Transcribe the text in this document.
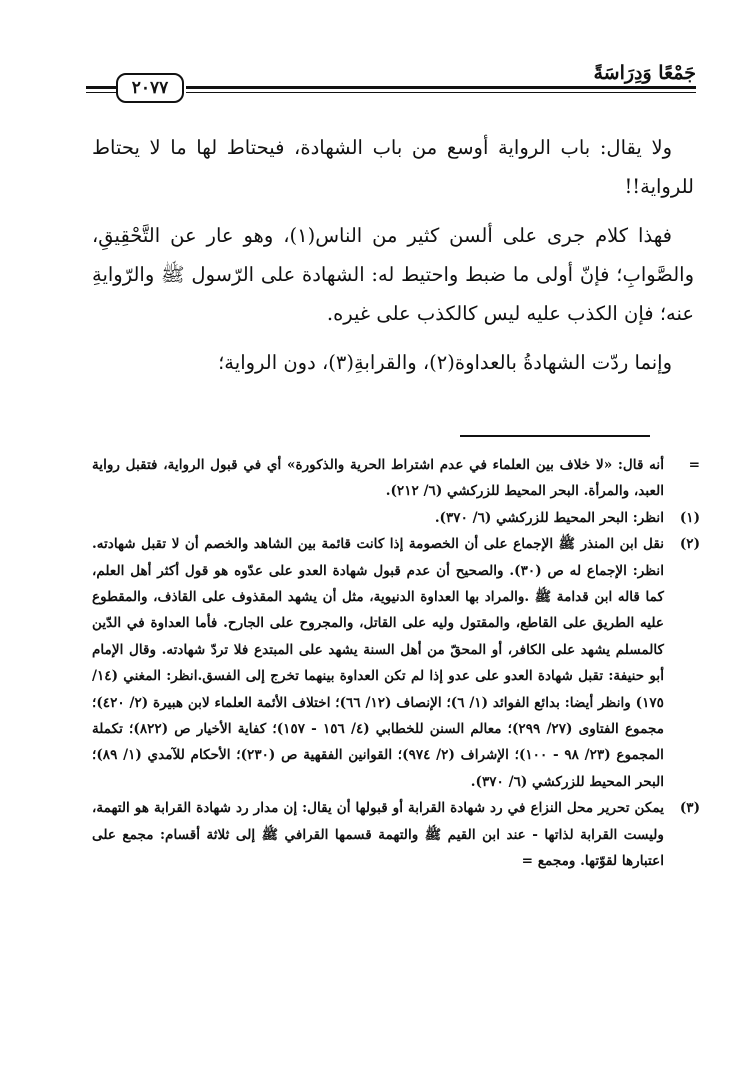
جَمْعًا وَدِرَاسَةً
٢٠٧٧

ولا يقال: باب الرواية أوسع من باب الشهادة، فيحتاط لها ما لا يحتاط للرواية!!

فهذا كلام جرى على ألسن كثير من الناس(١)، وهو عار عن التَّحْقِيقِ، والصَّوابِ؛ فإنّ أولى ما ضبط واحتيط له: الشهادة على الرّسول ﷺ والرّوايةِ عنه؛ فإن الكذب عليه ليس كالكذب على غيره.

وإنما ردّت الشهادةُ بالعداوة(٢)، والقرابةِ(٣)، دون الرواية؛

=
أنه قال: «لا خلاف بين العلماء في عدم اشتراط الحرية والذكورة» أي في قبول الرواية، فتقبل رواية العبد، والمرأة. البحر المحيط للزركشي (٦/ ٢١٢).
(١)
انظر: البحر المحيط للزركشي (٦/ ٣٧٠).
(٢)
نقل ابن المنذر ﷺ الإجماع على أن الخصومة إذا كانت قائمة بين الشاهد والخصم أن لا تقبل شهادته. انظر: الإجماع له ص (٣٠). والصحيح أن عدم قبول شهادة العدو على عدّوه هو قول أكثر أهل العلم، كما قاله ابن قدامة ﷺ .والمراد بها العداوة الدنيوية، مثل أن يشهد المقذوف على القاذف، والمقطوع عليه الطريق على القاطع، والمقتول وليه على القاتل، والمجروح على الجارح. فأما العداوة في الدّين كالمسلم يشهد على الكافر، أو المحقّ من أهل السنة يشهد على المبتدع فلا تردّ شهادته. وقال الإمام أبو حنيفة: تقبل شهادة العدو على عدو إذا لم تكن العداوة بينهما تخرج إلى الفسق.انظر: المغني (١٤/ ١٧٥) وانظر أيضا: بدائع الفوائد (١/ ٦)؛ الإنصاف (١٢/ ٦٦)؛ اختلاف الأئمة العلماء لابن هبيرة (٢/ ٤٢٠)؛ مجموع الفتاوى (٢٧/ ٢٩٩)؛ معالم السنن للخطابي (٤/ ١٥٦ - ١٥٧)؛ كفاية الأخيار ص (٨٢٢)؛ تكملة المجموع (٢٣/ ٩٨ - ١٠٠)؛ الإشراف (٢/ ٩٧٤)؛ القوانين الفقهية ص (٢٣٠)؛ الأحكام للآمدي (١/ ٨٩)؛ البحر المحيط للزركشي (٦/ ٣٧٠).
(٣)
يمكن تحرير محل النزاع في رد شهادة القرابة أو قبولها أن يقال: إن مدار رد شهادة القرابة هو التهمة، وليست القرابة لذاتها - عند ابن القيم ﷺ والتهمة قسمها القرافي ﷺ إلى ثلاثة أقسام: مجمع على اعتبارها لقوّتها. ومجمع =
